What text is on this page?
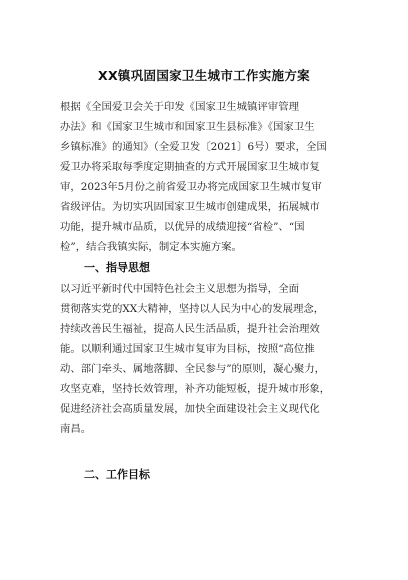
XX镇巩固国家卫生城市工作实施方案
根据《全国爱卫会关于印发《国家卫生城镇评审管理
办法》和《国家卫生城市和国家卫生县标准》《国家卫生
乡镇标准》的通知》（全爱卫发〔2021〕6号）要求，全国
爱卫办将采取每季度定期抽查的方式开展国家卫生城市复
审，2023年5月份之前省爱卫办将完成国家卫生城市复审
省级评估。为切实巩固国家卫生城市创建成果，拓展城市
功能，提升城市品质，以优异的成绩迎接“省检”、“国
检”，结合我镇实际，制定本实施方案。
一、指导思想
以习近平新时代中国特色社会主义思想为指导，全面
贯彻落实党的XX大精神，坚持以人民为中心的发展理念，
持续改善民生福祉，提高人民生活品质，提升社会治理效
能。以顺利通过国家卫生城市复审为目标，按照“高位推
动、部门牵头、属地落脚、全民参与”的原则，凝心聚力，
攻坚克难，坚持长效管理，补齐功能短板，提升城市形象，
促进经济社会高质量发展，加快全面建设社会主义现代化
南昌。
二、工作目标
